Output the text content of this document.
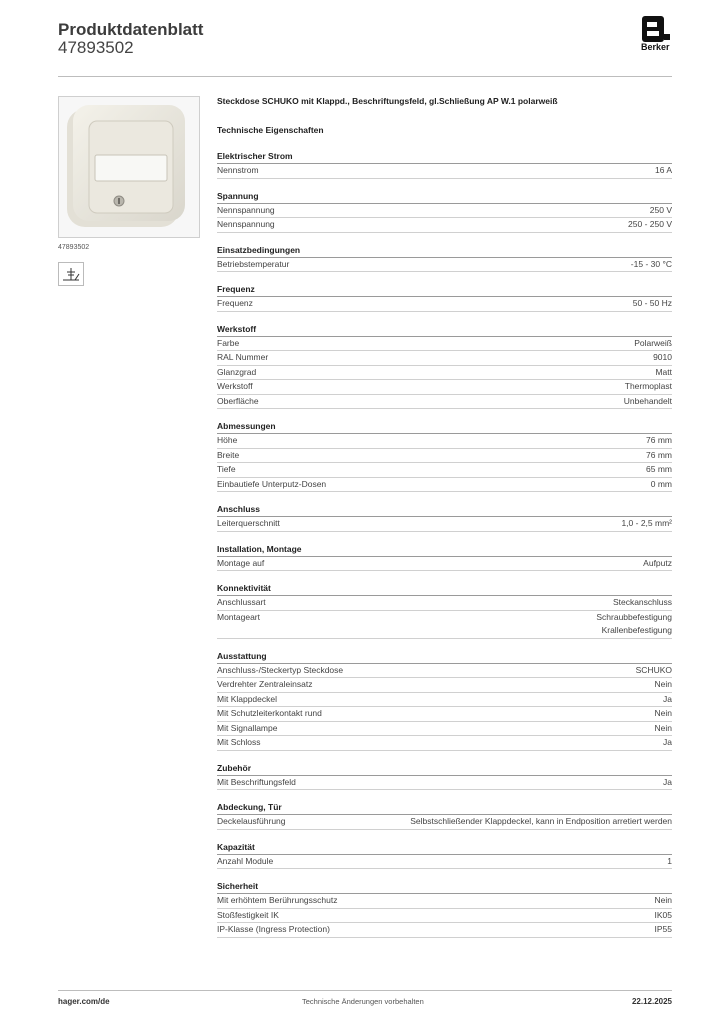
Produktdatenblatt
47893502	Berker
47893502
Steckdose SCHUKO mit Klappd., Beschriftungsfeld, gl.Schließung AP W.1 polarweiß
Technische Eigenschaften
Elektrischer Strom
Nennstrom	16 A
Spannung
Nennspannung	250 V
Nennspannung	250 - 250 V
Einsatzbedingungen
Betriebstemperatur	-15 - 30 °C
Frequenz
Frequenz	50 - 50 Hz
Werkstoff
Farbe	Polarweiß
RAL Nummer	9010
Glanzgrad	Matt
Werkstoff	Thermoplast
Oberfläche	Unbehandelt
Abmessungen
Höhe	76 mm
Breite	76 mm
Tiefe	65 mm
Einbautiefe Unterputz-Dosen	0 mm
Anschluss
Leiterquerschnitt	1,0 - 2,5 mm²
Installation, Montage
Montage auf	Aufputz
Konnektivität
Anschlussart	Steckanschluss
Montageart	Schraubbefestigung
Krallenbefestigung
Ausstattung
Anschluss-/Steckertyp Steckdose	SCHUKO
Verdrehter Zentraleinsatz	Nein
Mit Klappdeckel	Ja
Mit Schutzleiterkontakt rund	Nein
Mit Signallampe	Nein
Mit Schloss	Ja
Zubehör
Mit Beschriftungsfeld	Ja
Abdeckung, Tür
Deckelausführung	Selbstschließender Klappdeckel, kann in Endposition arretiert werden
Kapazität
Anzahl Module	1
Sicherheit
Mit erhöhtem Berührungsschutz	Nein
Stoßfestigkeit IK	IK05
IP-Klasse (Ingress Protection)	IP55
hager.com/de	Technische Änderungen vorbehalten	22.12.2025
